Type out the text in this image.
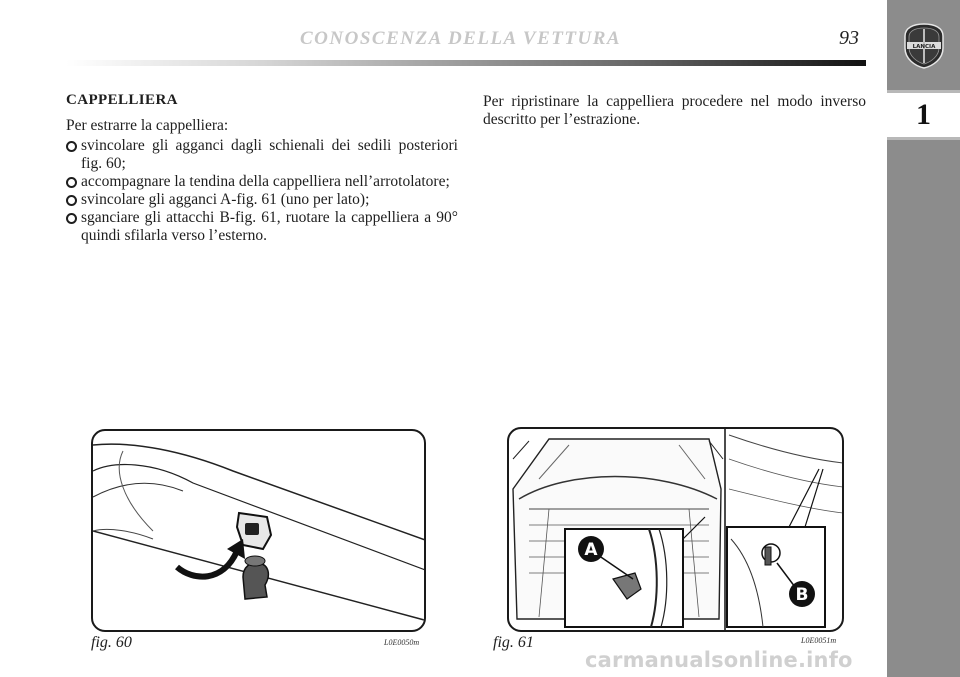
CONOSCENZA DELLA VETTURA	93	LANCIA
1
CAPPELLIERA
Per estrarre la cappelliera:
svincolare gli agganci dagli schienali dei sedili posteriori fig. 60;
accompagnare la tendina della cappelliera nell’arrotolatore;
svincolare gli agganci A-fig. 61 (uno per lato);
sganciare gli attacchi B-fig. 61, ruotare la cappelliera a 90° quindi sfilarla verso l’esterno.
Per ripristinare la cappelliera procedere nel modo inverso descritto per l’estrazione.
fig. 60	L0E0050m
A
B
fig. 61	L0E0051m
carmanualsonline.info
